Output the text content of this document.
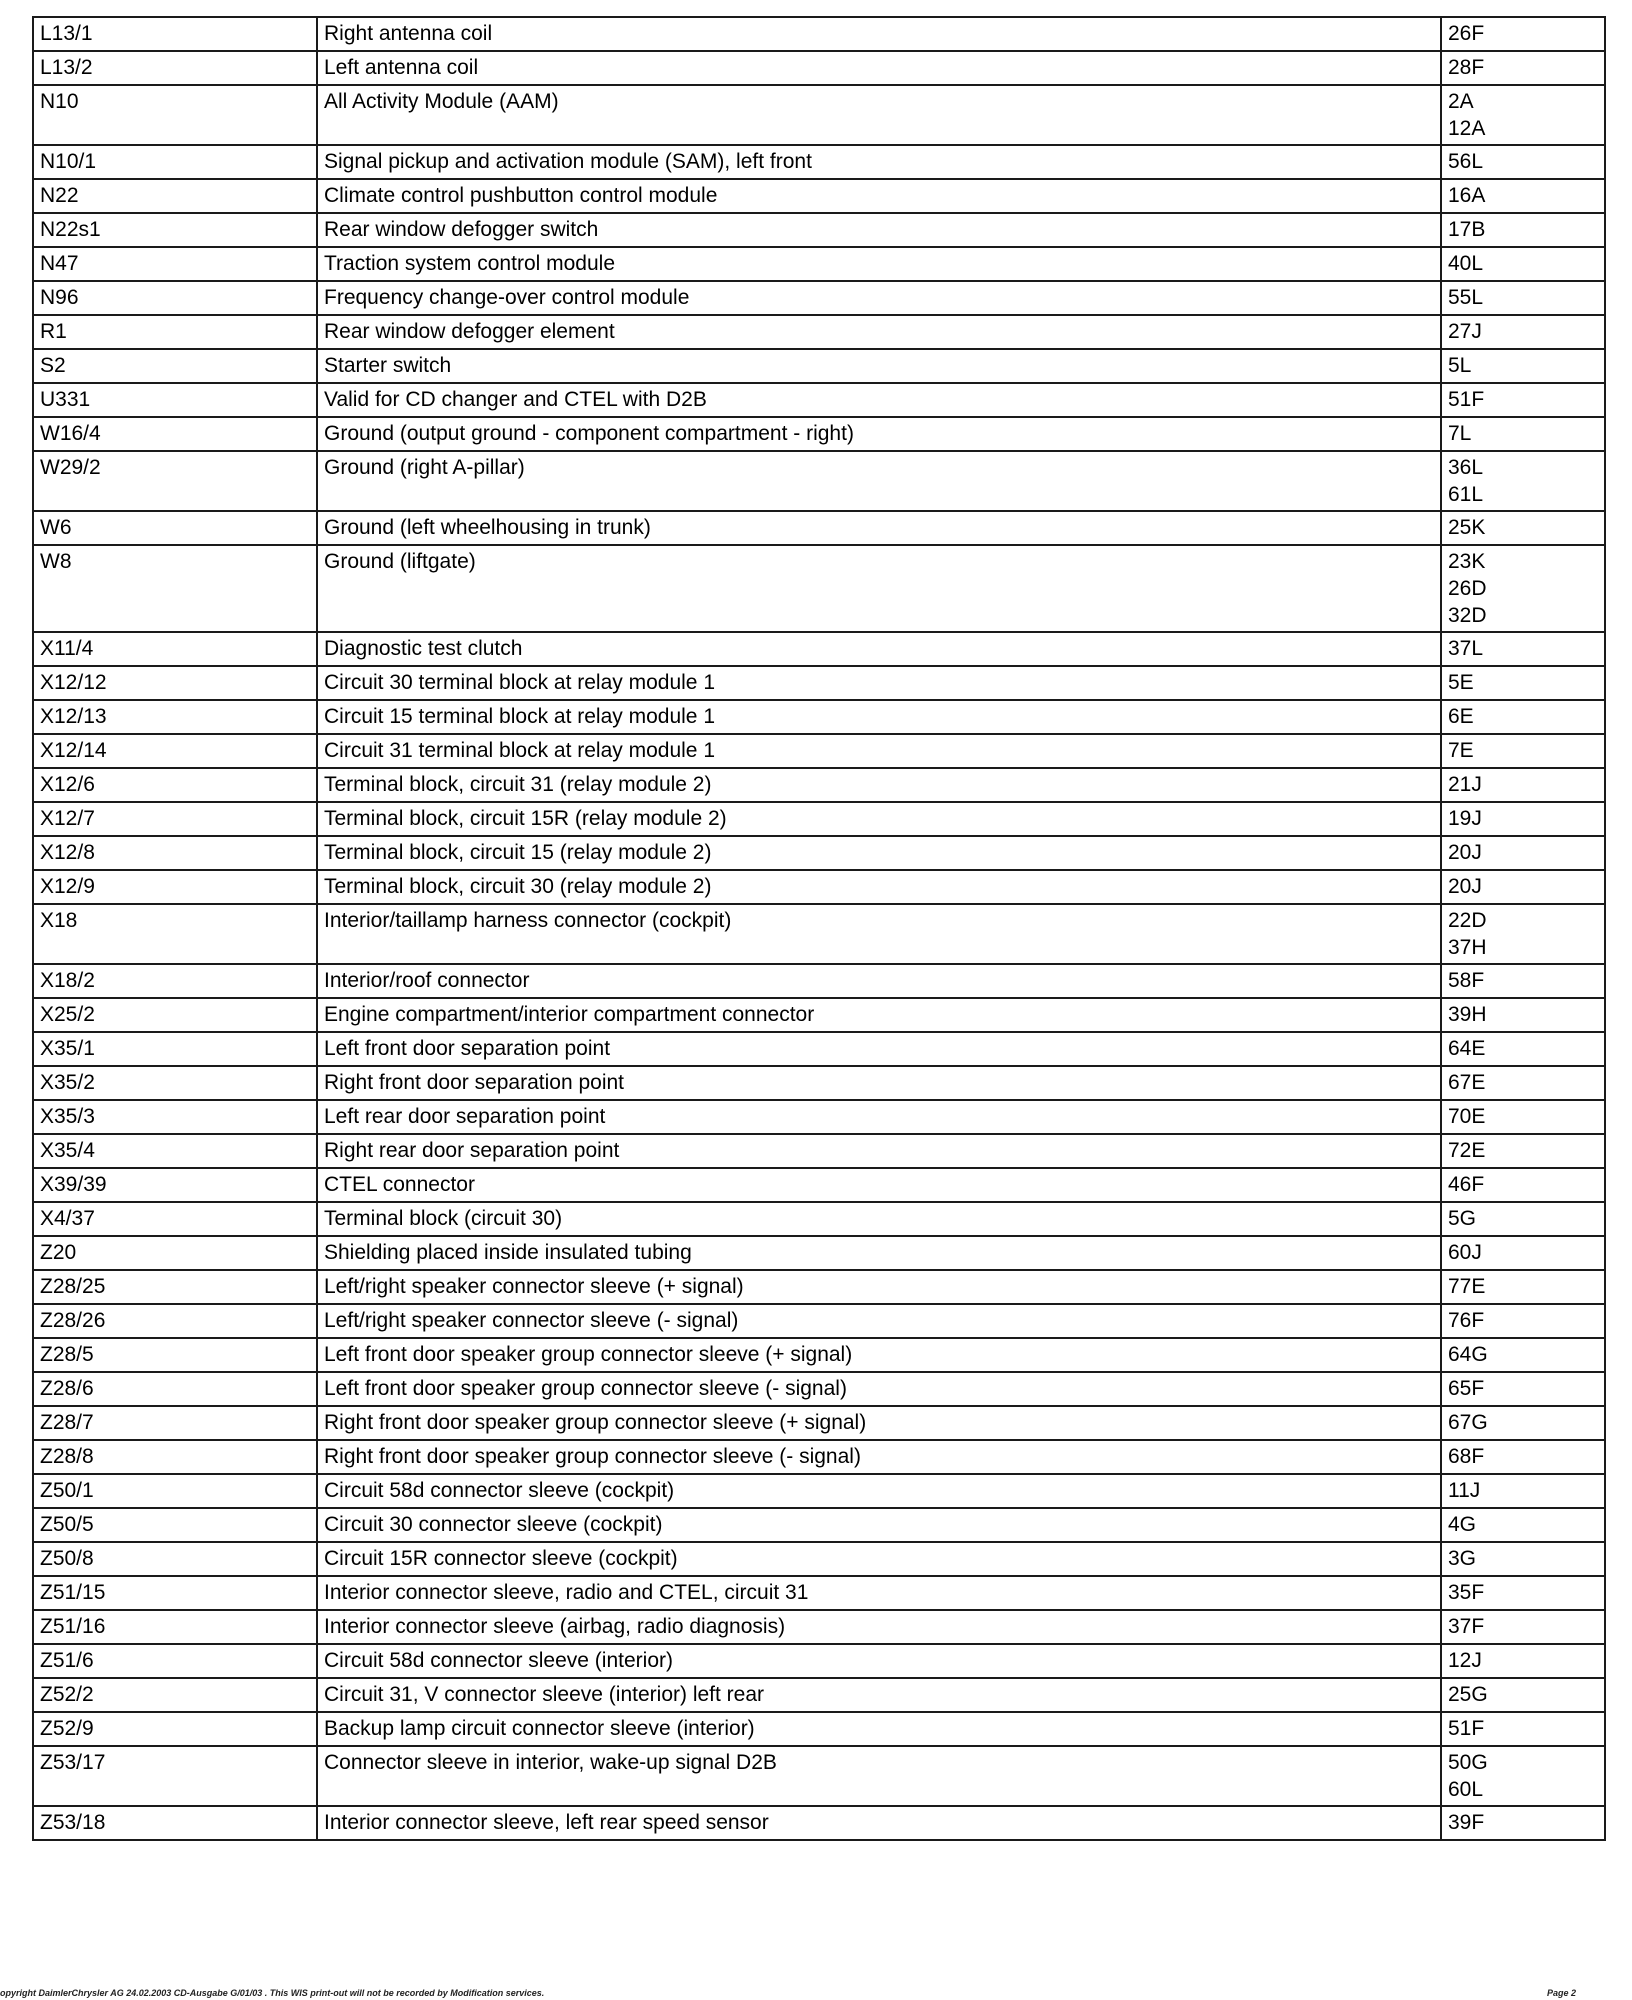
L13/1	Right antenna coil	26F

L13/2	Left antenna coil	28F

N10	All Activity Module (AAM)	2A
12A

N10/1	Signal pickup and activation module (SAM), left front	56L

N22	Climate control pushbutton control module	16A

N22s1	Rear window defogger switch	17B

N47	Traction system control module	40L

N96	Frequency change-over control module	55L

R1	Rear window defogger element	27J

S2	Starter switch	5L

U331	Valid for CD changer and CTEL with D2B	51F

W16/4	Ground (output ground - component compartment - right)	7L

W29/2	Ground (right A-pillar)	36L
61L

W6	Ground (left wheelhousing in trunk)	25K

W8	Ground (liftgate)	23K
26D
32D

X11/4	Diagnostic test clutch	37L

X12/12	Circuit 30 terminal block at relay module 1	5E

X12/13	Circuit 15 terminal block at relay module 1	6E

X12/14	Circuit 31 terminal block at relay module 1	7E

X12/6	Terminal block, circuit 31 (relay module 2)	21J

X12/7	Terminal block, circuit 15R (relay module 2)	19J

X12/8	Terminal block, circuit 15 (relay module 2)	20J

X12/9	Terminal block, circuit 30 (relay module 2)	20J

X18	Interior/taillamp harness connector (cockpit)	22D
37H

X18/2	Interior/roof connector	58F

X25/2	Engine compartment/interior compartment connector	39H

X35/1	Left front door separation point	64E

X35/2	Right front door separation point	67E

X35/3	Left rear door separation point	70E

X35/4	Right rear door separation point	72E

X39/39	CTEL connector	46F

X4/37	Terminal block (circuit 30)	5G

Z20	Shielding placed inside insulated tubing	60J

Z28/25	Left/right speaker connector sleeve (+ signal)	77E

Z28/26	Left/right speaker connector sleeve (- signal)	76F

Z28/5	Left front door speaker group connector sleeve (+ signal)	64G

Z28/6	Left front door speaker group connector sleeve (- signal)	65F

Z28/7	Right front door speaker group connector sleeve (+ signal)	67G

Z28/8	Right front door speaker group connector sleeve (- signal)	68F

Z50/1	Circuit 58d connector sleeve (cockpit)	11J

Z50/5	Circuit 30 connector sleeve (cockpit)	4G

Z50/8	Circuit 15R connector sleeve (cockpit)	3G

Z51/15	Interior connector sleeve, radio and CTEL, circuit 31	35F

Z51/16	Interior connector sleeve (airbag, radio diagnosis)	37F

Z51/6	Circuit 58d connector sleeve (interior)	12J

Z52/2	Circuit 31, V connector sleeve (interior) left rear	25G

Z52/9	Backup lamp circuit connector sleeve (interior)	51F

Z53/17	Connector sleeve in interior, wake-up signal D2B	50G
60L

Z53/18	Interior connector sleeve, left rear speed sensor	39F
opyright DaimlerChrysler AG 24.02.2003 CD-Ausgabe G/01/03 . This WIS print-out will not be recorded by Modification services.	Page 2
